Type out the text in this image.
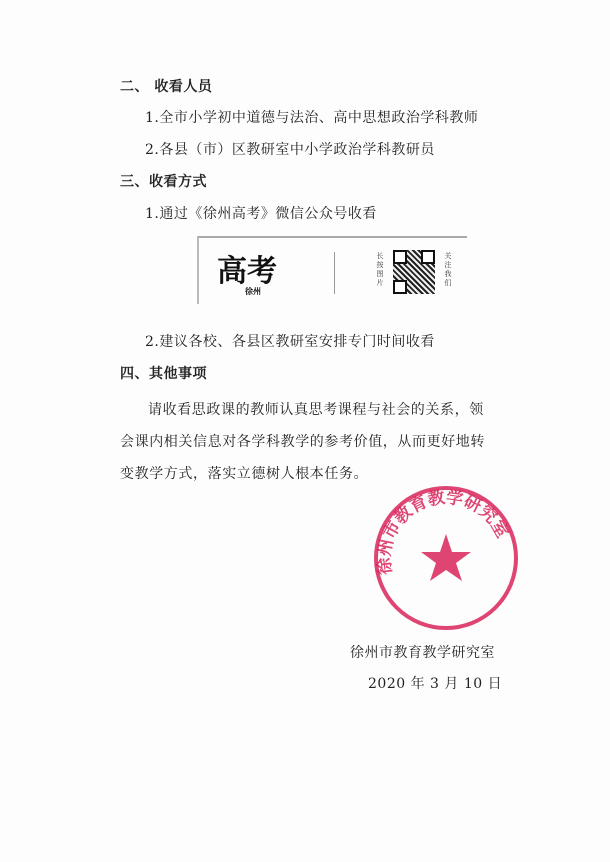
二、 收看人员
1.全市小学初中道德与法治、高中思想政治学科教师
2.各县（市）区教研室中小学政治学科教研员
三、收看方式
1.通过《徐州高考》微信公众号收看
高考
徐州
长按图片
关注我们
2.建议各校、各县区教研室安排专门时间收看
四、其他事项
请收看思政课的教师认真思考课程与社会的关系，领会课内相关信息对各学科教学的参考价值，从而更好地转变教学方式，落实立德树人根本任务。
徐州市教育教学研究室
徐州市教育教学研究室
2020 年 3 月 10 日
